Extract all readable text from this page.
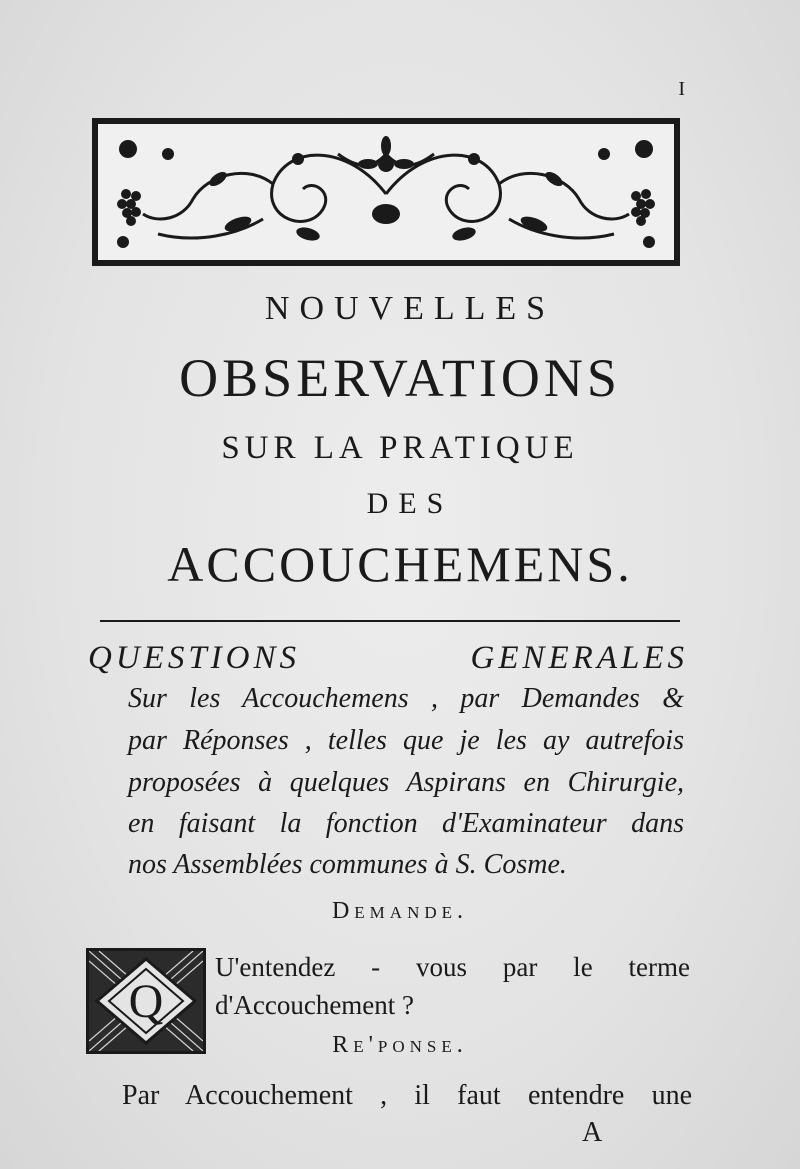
I
NOUVELLES
OBSERVATIONS
SUR LA PRATIQUE
DES
ACCOUCHEMENS.
QUESTIONS GENERALES
Sur les Accouchemens , par Demandes &
par Réponses , telles que je les ay autrefois
proposées à quelques Aspirans en Chirurgie,
en faisant la fonction d'Examinateur dans
nos Assemblées communes à S. Cosme.
Demande.
Q
U'entendez - vous par le terme
d'Accouchement ?
Re'ponse.
Par Accouchement , il faut entendre une
A
